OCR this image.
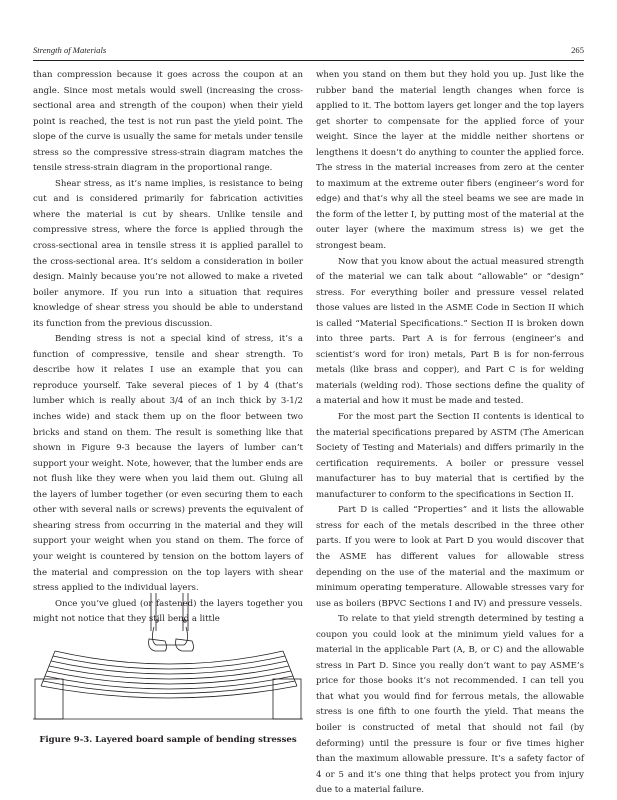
Strength of Materials	265

than compression because it goes across the coupon at an angle. Since most metals would swell (increasing the cross-sectional area and strength of the coupon) when their yield point is reached, the test is not run past the yield point. The slope of the curve is usually the same for metals under tensile stress so the compressive stress-strain diagram matches the tensile stress-strain diagram in the proportional range.

Shear stress, as it’s name implies, is resistance to being cut and is considered primarily for fabrication activities where the material is cut by shears. Unlike tensile and compressive stress, where the force is applied through the cross-sectional area in tensile stress it is applied parallel to the cross-sectional area. It’s seldom a consideration in boiler design. Mainly because you’re not allowed to make a riveted boiler anymore. If you run into a situation that requires knowledge of shear stress you should be able to understand its function from the previous discussion.

Bending stress is not a special kind of stress, it’s a function of compressive, tensile and shear strength. To describe how it relates I use an example that you can reproduce yourself. Take several pieces of 1 by 4 (that’s lumber which is really about 3/4 of an inch thick by 3-1/2 inches wide) and stack them up on the floor between two bricks and stand on them. The result is something like that shown in Figure 9-3 because the layers of lumber can’t support your weight. Note, however, that the lumber ends are not flush like they were when you laid them out. Gluing all the layers of lumber together (or even securing them to each other with several nails or screws) prevents the equivalent of shearing stress from occurring in the material and they will support your weight when you stand on them. The force of your weight is countered by tension on the bottom layers of the material and compression on the top layers with shear stress applied to the individual layers.

Once you’ve glued (or fastened) the layers together you might not notice that they still bend a little

when you stand on them but they hold you up. Just like the rubber band the material length changes when force is applied to it. The bottom layers get longer and the top layers get shorter to compensate for the applied force of your weight. Since the layer at the middle neither shortens or lengthens it doesn’t do anything to counter the applied force. The stress in the material increases from zero at the center to maximum at the extreme outer fibers (engineer’s word for edge) and that’s why all the steel beams we see are made in the form of the letter I, by putting most of the material at the outer layer (where the maximum stress is) we get the strongest beam.

Now that you know about the actual measured strength of the material we can talk about “allowable” or “design” stress. For everything boiler and pressure vessel related those values are listed in the ASME Code in Section II which is called “Material Specifications.” Section II is broken down into three parts. Part A is for ferrous (engineer’s and scientist’s word for iron) metals, Part B is for non-ferrous metals (like brass and copper), and Part C is for welding materials (welding rod). Those sections define the quality of a material and how it must be made and tested.

For the most part the Section II contents is identical to the material specifications prepared by ASTM (The American Society of Testing and Materials) and differs primarily in the certification requirements. A boiler or pressure vessel manufacturer has to buy material that is certified by the manufacturer to conform to the specifications in Section II.

Part D is called “Properties” and it lists the allowable stress for each of the metals described in the three other parts. If you were to look at Part D you would discover that the ASME has different values for allowable stress depending on the use of the material and the maximum or minimum operating temperature. Allowable stresses vary for use as boilers (BPVC Sections I and IV) and pressure vessels.

To relate to that yield strength determined by testing a coupon you could look at the minimum yield values for a material in the applicable Part (A, B, or C) and the allowable stress in Part D. Since you really don’t want to pay ASME’s price for those books it’s not recommended. I can tell you that what you would find for ferrous metals, the allowable stress is one fifth to one fourth the yield. That means the boiler is constructed of metal that should not fail (by deforming) until the pressure is four or five times higher than the maximum allowable pressure. It’s a safety factor of 4 or 5 and it’s one thing that helps protect you from injury due to a material failure.

Figure 9-3. Layered board sample of bending stresses
